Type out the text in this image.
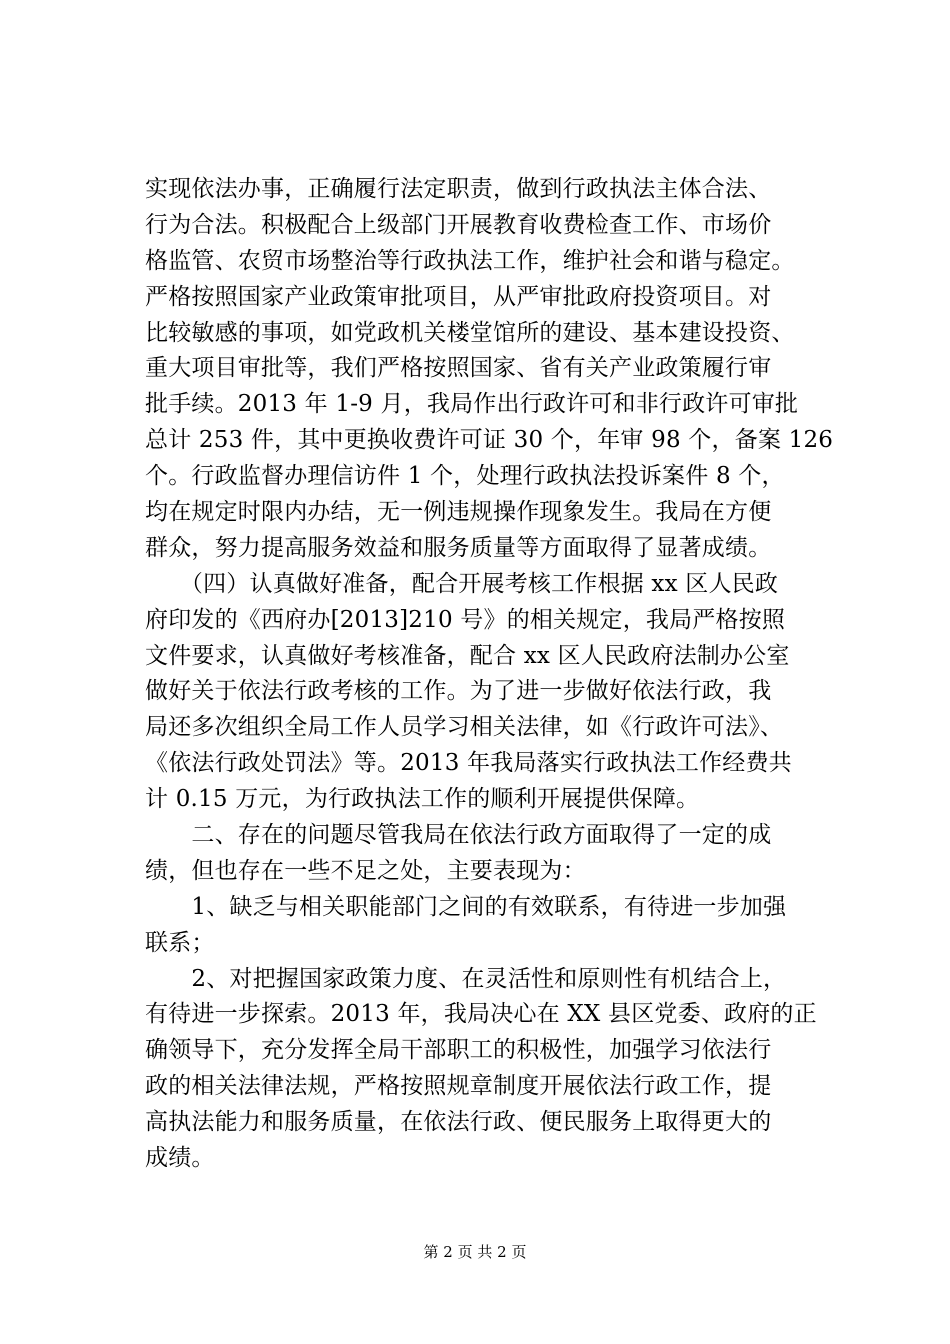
实现依法办事，正确履行法定职责，做到行政执法主体合法、
行为合法。积极配合上级部门开展教育收费检查工作、市场价
格监管、农贸市场整治等行政执法工作，维护社会和谐与稳定。
严格按照国家产业政策审批项目，从严审批政府投资项目。对
比较敏感的事项，如党政机关楼堂馆所的建设、基本建设投资、
重大项目审批等，我们严格按照国家、省有关产业政策履行审
批手续。2013 年 1-9 月，我局作出行政许可和非行政许可审批
总计 253 件，其中更换收费许可证 30 个，年审 98 个，备案 126
个。行政监督办理信访件 1 个，处理行政执法投诉案件 8 个，
均在规定时限内办结，无一例违规操作现象发生。我局在方便
群众，努力提高服务效益和服务质量等方面取得了显著成绩。
　　（四）认真做好准备，配合开展考核工作根据 xx 区人民政
府印发的《西府办[2013]210 号》的相关规定，我局严格按照
文件要求，认真做好考核准备，配合 xx 区人民政府法制办公室
做好关于依法行政考核的工作。为了进一步做好依法行政，我
局还多次组织全局工作人员学习相关法律，如《行政许可法》、
《依法行政处罚法》等。2013 年我局落实行政执法工作经费共
计 0.15 万元，为行政执法工作的顺利开展提供保障。
　　二、存在的问题尽管我局在依法行政方面取得了一定的成
绩，但也存在一些不足之处，主要表现为：
　　1、缺乏与相关职能部门之间的有效联系，有待进一步加强
联系；
　　2、对把握国家政策力度、在灵活性和原则性有机结合上，
有待进一步探索。2013 年，我局决心在 XX 县区党委、政府的正
确领导下，充分发挥全局干部职工的积极性，加强学习依法行
政的相关法律法规，严格按照规章制度开展依法行政工作，提
高执法能力和服务质量，在依法行政、便民服务上取得更大的
成绩。
第 2 页 共 2 页
